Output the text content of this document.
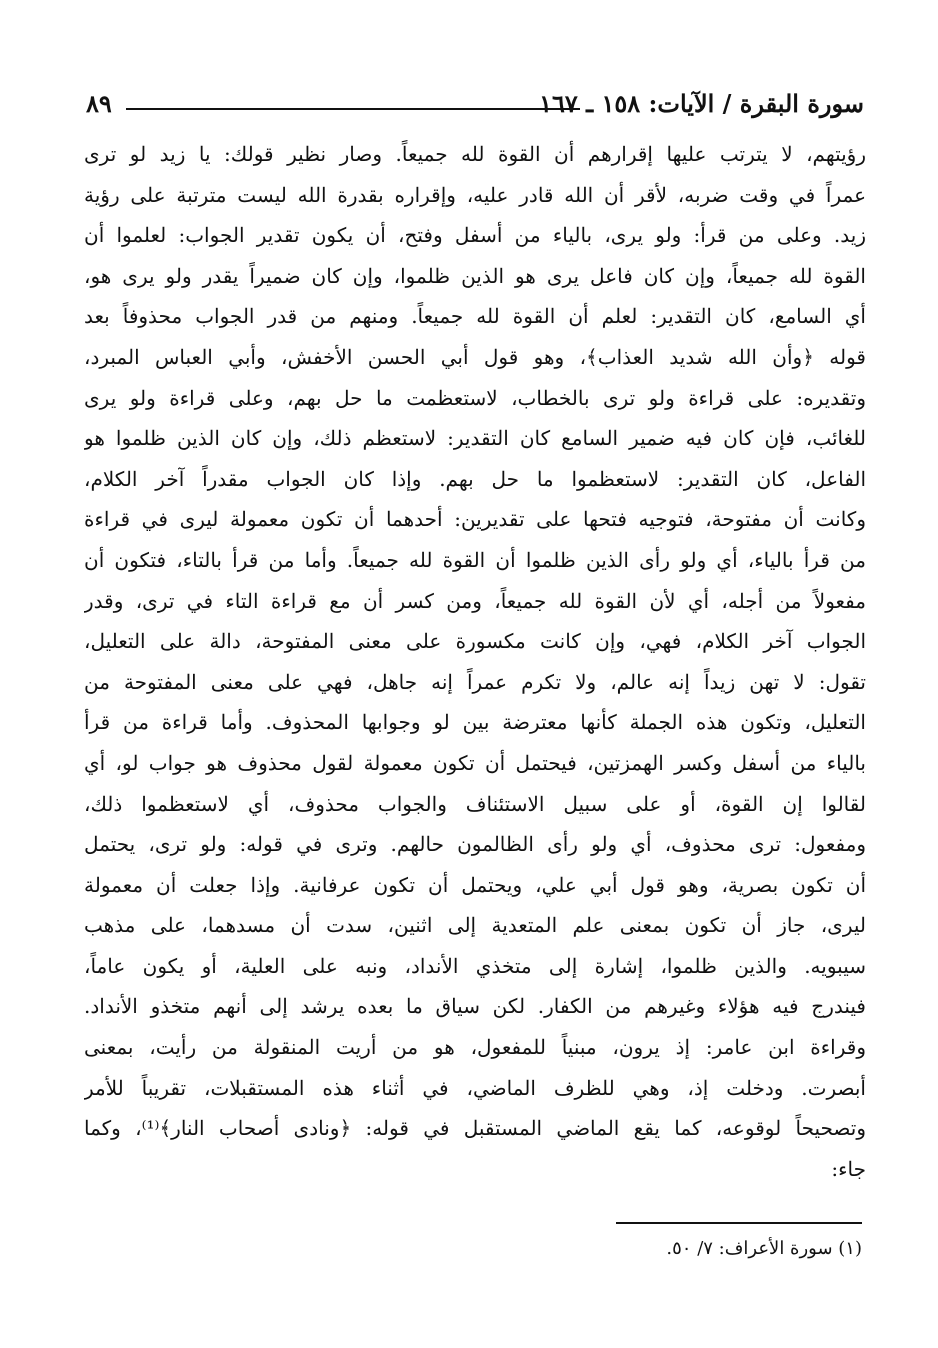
سورة البقرة / الآيات: ١٥٨ ـ ١٦٧
٨٩
رؤيتهم، لا يترتب عليها إقرارهم أن القوة لله جميعاً. وصار نظير قولك: يا زيد لو ترى
عمراً في وقت ضربه، لأقر أن الله قادر عليه، وإقراره بقدرة الله ليست مترتبة على رؤية
زيد. وعلى من قرأ: ولو يرى، بالياء من أسفل وفتح، أن يكون تقدير الجواب: لعلموا أن
القوة لله جميعاً، وإن كان فاعل يرى هو الذين ظلموا، وإن كان ضميراً يقدر ولو يرى هو،
أي السامع، كان التقدير: لعلم أن القوة لله جميعاً. ومنهم من قدر الجواب محذوفاً بعد
قوله ﴿وأن الله شديد العذاب﴾، وهو قول أبي الحسن الأخفش، وأبي العباس المبرد،
وتقديره: على قراءة ولو ترى بالخطاب، لاستعظمت ما حل بهم، وعلى قراءة ولو يرى
للغائب، فإن كان فيه ضمير السامع كان التقدير: لاستعظم ذلك، وإن كان الذين ظلموا هو
الفاعل، كان التقدير: لاستعظموا ما حل بهم. وإذا كان الجواب مقدراً آخر الكلام،
وكانت أن مفتوحة، فتوجيه فتحها على تقديرين: أحدهما أن تكون معمولة ليرى في قراءة
من قرأ بالياء، أي ولو رأى الذين ظلموا أن القوة لله جميعاً. وأما من قرأ بالتاء، فتكون أن
مفعولاً من أجله، أي لأن القوة لله جميعاً، ومن كسر أن مع قراءة التاء في ترى، وقدر
الجواب آخر الكلام، فهي، وإن كانت مكسورة على معنى المفتوحة، دالة على التعليل،
تقول: لا تهن زيداً إنه عالم، ولا تكرم عمراً إنه جاهل، فهي على معنى المفتوحة من
التعليل، وتكون هذه الجملة كأنها معترضة بين لو وجوابها المحذوف. وأما قراءة من قرأ
بالياء من أسفل وكسر الهمزتين، فيحتمل أن تكون معمولة لقول محذوف هو جواب لو، أي
لقالوا إن القوة، أو على سبيل الاستئناف والجواب محذوف، أي لاستعظموا ذلك،
ومفعول: ترى محذوف، أي ولو رأى الظالمون حالهم. وترى في قوله: ولو ترى، يحتمل
أن تكون بصرية، وهو قول أبي علي، ويحتمل أن تكون عرفانية. وإذا جعلت أن معمولة
ليرى، جاز أن تكون بمعنى علم المتعدية إلى اثنين، سدت أن مسدهما، على مذهب
سيبويه. والذين ظلموا، إشارة إلى متخذي الأنداد، ونبه على العلية، أو يكون عاماً،
فيندرج فيه هؤلاء وغيرهم من الكفار. لكن سياق ما بعده يرشد إلى أنهم متخذو الأنداد.
وقراءة ابن عامر: إذ يرون، مبنياً للمفعول، هو من أريت المنقولة من رأيت، بمعنى
أبصرت. ودخلت إذ، وهي للظرف الماضي، في أثناء هذه المستقبلات، تقريباً للأمر
وتصحيحاً لوقوعه، كما يقع الماضي المستقبل في قوله: ﴿ونادى أصحاب النار﴾⁽¹⁾، وكما
جاء:
(١) سورة الأعراف: ٧/ ٥٠.
